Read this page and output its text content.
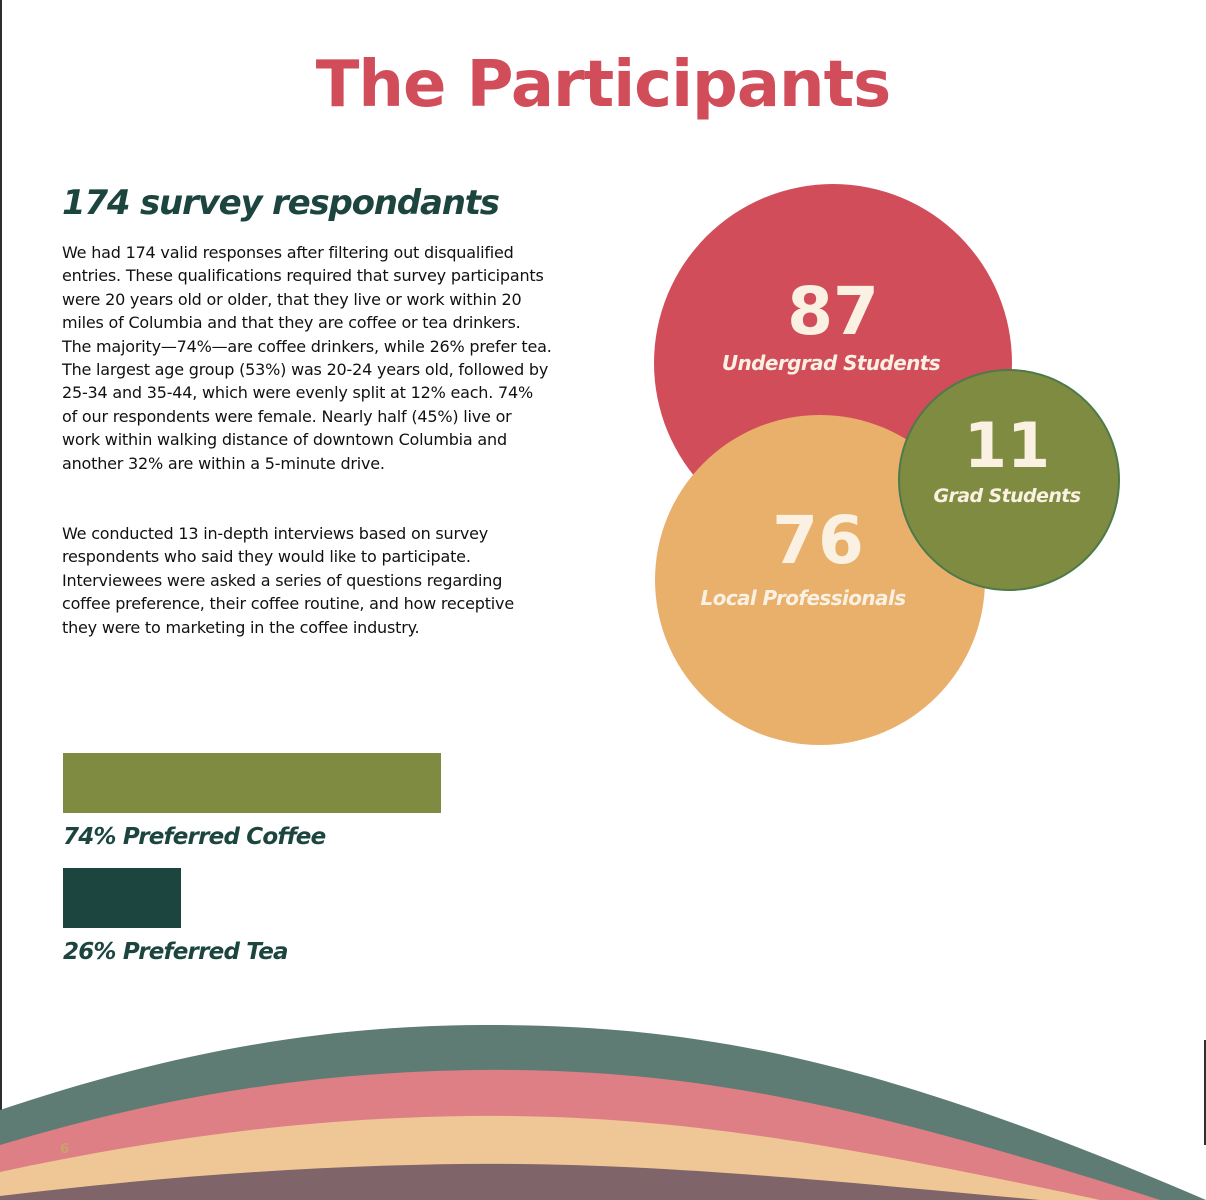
The Participants
174 survey respondants

We had 174 valid responses after filtering out disqualified entries. These qualifications required that survey participants were 20 years old or older, that they live or work within 20 miles of Columbia and that they are coffee or tea drinkers. The majority—74%—are coffee drinkers, while 26% prefer tea. The largest age group (53%) was 20-24 years old, followed by 25-34 and 35-44, which were evenly split at 12% each. 74% of our respondents were female. Nearly half (45%) live or work within walking distance of downtown Columbia and another 32% are within a 5-minute drive.

We conducted 13 in-depth interviews based on survey respondents who said they would like to participate. Interviewees were asked a series of questions regarding coffee preference, their coffee routine, and how receptive they were to marketing in the coffee industry.

87
Undergrad Students
76
Local Professionals
11
Grad Students

74% Preferred Coffee

26% Preferred Tea

6
